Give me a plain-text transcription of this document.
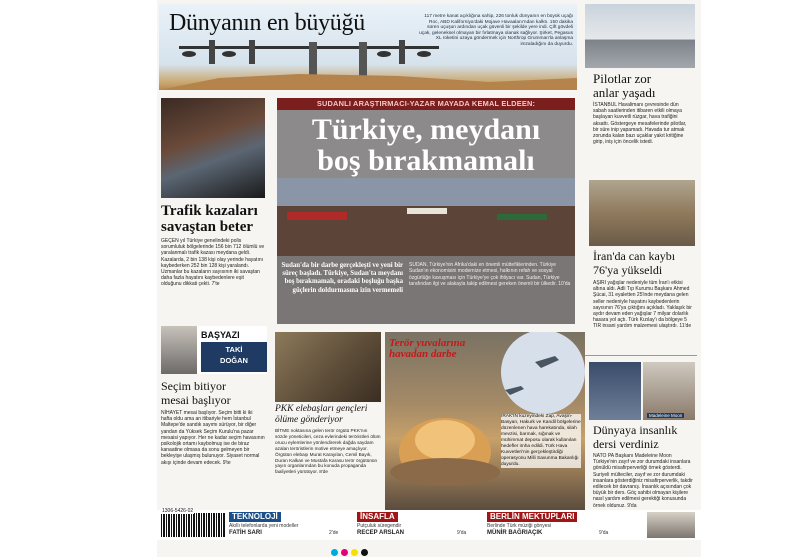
Dünyanın en büyüğü	117 metre kanat açıklığına sahip, 226 tonluk dünyanın en büyük uçağı Roc, ABD Kaliforniya'daki Mojave Havaalanı'ndan kalktı. 150 dakika süren uçuşun ardından uçak güvenli bir şekilde yere indi. Çift gövdeli uçak, geleneksel olmayan bir fırlatmaya olanak sağlıyor. Şirket, Pegasus XL roketini uzaya göndermek için Northrop Grumman'la anlaşma imzaladığını da duyurdu.
Pilotlar zor
anlar yaşadı
İSTANBUL Havalimanı çevresinde dün sabah saatlerinden itibaren etkili olmaya başlayan kuvvetli rüzgar, hava trafiğini aksattı. Göstergeye mesafelerinde pilotlar, bir süre inip yapamadı. Havada tur atmak zorunda kalan bazı uçaklar yakıt kritiğine girip, iniş için öncelik istedi.
Trafik kazaları
savaştan beter
GEÇEN yıl Türkiye genelindeki polis sorumluluk bölgelerinde 156 bin 712 ölümlü ve yaralanmalı trafik kazası meydana geldi. Kazalarda, 2 bin 138 kişi olay yerinde hayatını kaybederken 252 bin 128 kişi yaralandı. Uzmanlar bu kazaların sayısının iki savaştan daha fazla hayatını kaybedenlere eşit olduğunu dikkati çekti. 7'te
SUDANLI ARAŞTIRMACI-YAZAR MAYADA KEMAL ELDEEN:
Türkiye, meydanı
boş bırakmamalı
Sudan'da bir darbe gerçekleşti ve yeni bir süreç başladı. Türkiye, Sudan'ta meydanı boş bırakmamalı, oradaki boşluğu başka güçlerin doldurmasına izin vermemeli
SUDAN, Türkiye'nin Afrika'daki en önemli müttefiklerinden. Türkiye Sudan'ın ekonomisini modernize etmesi, halkının refah ve sosyal özgürlüğe kavuşması için Türkiye'ye çok ihtiyacı var. Sudan, Türkiye tarafından ilgi ve alakayla takip edilmesi gereken önemli bir ülkedir. 10'da
İran'da can kaybı
76'ya yükseldi
AŞIRI yağışlar nedeniyle tüm İran'ı etkisi altına aldı. Adli Tıp Kurumu Başkanı Ahmed Şücai, 31 eyaletten 25'inde meydana gelen seller nedeniyle hayatını kaybedenlerin sayısının 76'ya çıktığını açıkladı. Yaklaşık bir aydır devam eden yağışlar 7 milyar dolarlık hasara yol açtı. Türk Kızılay'ı da bölgeye 5 TIR insani yardım malzemesi ulaştırdı. 11'de
Madeleine Moon
Dünyaya insanlık
dersi verdiniz
NATO PA Başkanı Madeleine Moon Türkiye'nin zayıf ve zor durumdaki insanlara gönüldü misafirperverliği örnek gösterdi. Suriyeli mülteciler, zayıf ve zor durumdaki insanlara gösterdiğiniz misafirperverlik, takdir edilecek bir davranış. İnsanlık açısından çok büyük bir ders. Göç sahibi olmayan kişilere nasıl yardım edilmesi gerektiği konusunda örnek oldunuz. 9'da
BAŞYAZI
TAKİ
DOĞAN
Seçim bitiyor
mesai başlıyor
NİHAYET mesai başlıyor. Seçim bitti ki iki hafta oldu ama an itibariyle hem İstanbul Maltepe'de sandık sayımı sürüyor, bir diğer yandan da Yüksek Seçim Kurulu'na pazar mesaisi yapıyor. Her ne kadar seçim havasının psikolojik ortamı kaybolmuş ise de biraz kanaatine olmasa da sonu gelmeyen bir bekleyişe ulaşmış bulunuyor. Siyaset normal akışı içinde devam edecek. 9'te
PKK elebaşları gençleri
ölüme gönderiyor
BİTME noktasına gelen terör örgütü PKK'nın sözde yöneticileri, ceza evlerindeki teröristleri ölüm orucu eylemlerine yönlendirerek dağda saydam azalan teröristlerin motive etmeye amaçlıyor. Örgütün elebaşı Murat Karayılan, Cemil Bayık, Duran Kalkan ve Mustafa Karasu terör örgütünün yayın organlarından bu konuda propaganda faaliyetleri yürütüyor. 8'de
Terör yuvalarına
havadan darbe
IRAK'IN kuzeyindeki Zap, Avaşin-Basyan, Hakurk ve Kandil bölgelerine düzenlenen hava harekatında, silah mevzisi, barınak, sığınak ve mühimmat deposu olarak kullanılan hedefler imha edildi. Türk Hava Kuvvetleri'nin gerçekleştirdiği operasyonu Milli Savunma Bakanlığı duyurdu.
1306-5426-02
TEKNOLOJİ
Akıllı telefonlarda yeni modeller
FATİH SARI	2'de
İNSAFLA
Putçuluk süregendir
RECEP ARSLAN	9'da
BERLİN MEKTUPLARI
Berlinde Türk müziği gönyesi
MÜNİR BAĞRIAÇIK	9'da
